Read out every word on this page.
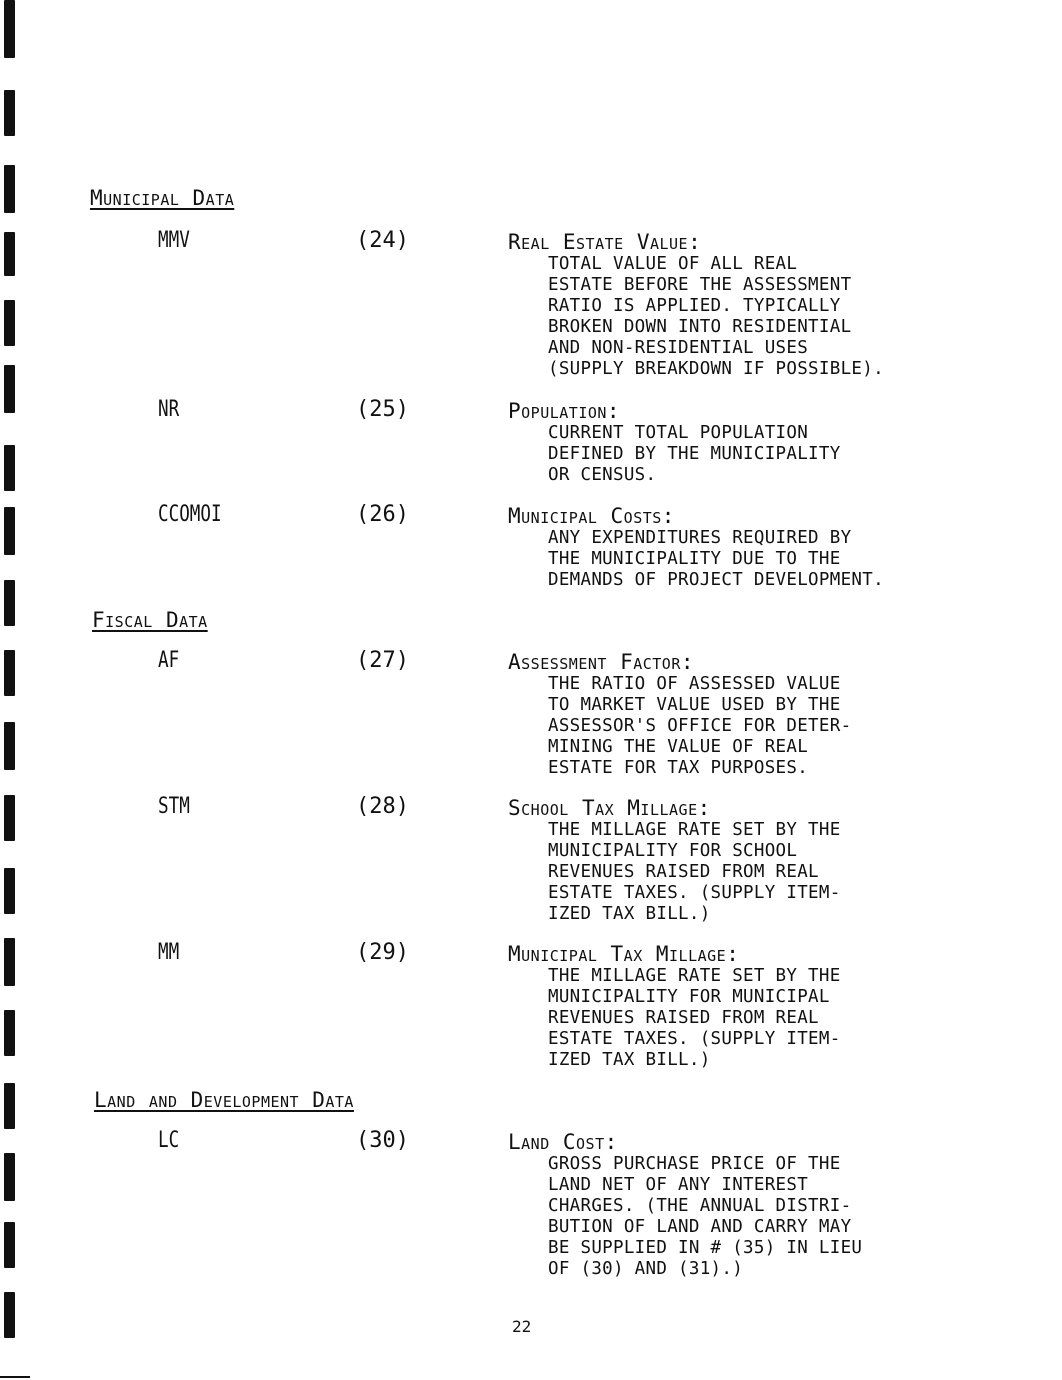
Municipal Data
Fiscal Data
Land and Development Data
MMV	(24)	Real Estate Value:
TOTAL VALUE OF ALL REAL
ESTATE BEFORE THE ASSESSMENT
RATIO IS APPLIED. TYPICALLY
BROKEN DOWN INTO RESIDENTIAL
AND NON-RESIDENTIAL USES
(SUPPLY BREAKDOWN IF POSSIBLE).
NR	(25)	Population:
CURRENT TOTAL POPULATION
DEFINED BY THE MUNICIPALITY
OR CENSUS.
CCOMOI	(26)	Municipal Costs:
ANY EXPENDITURES REQUIRED BY
THE MUNICIPALITY DUE TO THE
DEMANDS OF PROJECT DEVELOPMENT.
AF	(27)	Assessment Factor:
THE RATIO OF ASSESSED VALUE
TO MARKET VALUE USED BY THE
ASSESSOR'S OFFICE FOR DETER-
MINING THE VALUE OF REAL
ESTATE FOR TAX PURPOSES.
STM	(28)	School Tax Millage:
THE MILLAGE RATE SET BY THE
MUNICIPALITY FOR SCHOOL
REVENUES RAISED FROM REAL
ESTATE TAXES. (SUPPLY ITEM-
IZED TAX BILL.)
MM	(29)	Municipal Tax Millage:
THE MILLAGE RATE SET BY THE
MUNICIPALITY FOR MUNICIPAL
REVENUES RAISED FROM REAL
ESTATE TAXES. (SUPPLY ITEM-
IZED TAX BILL.)
LC	(30)	Land Cost:
GROSS PURCHASE PRICE OF THE
LAND NET OF ANY INTEREST
CHARGES. (THE ANNUAL DISTRI-
BUTION OF LAND AND CARRY MAY
BE SUPPLIED IN # (35) IN LIEU
OF (30) AND (31).)
22
